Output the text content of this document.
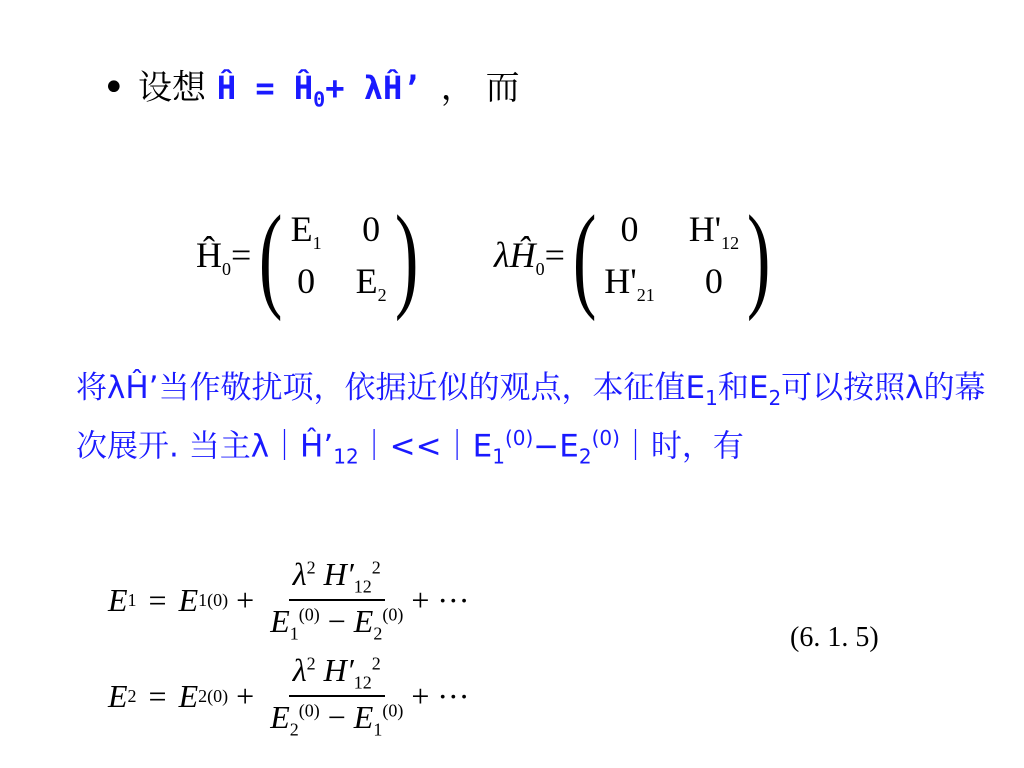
• 设想 Ĥ = $Ĥ_0+$ λĤ’ ， 而
$Ĥ_0=$ ( $E_1$ 0
0 $E_2$ ) $\lambda Ĥ_0=$ ( 0	$H'_{12}$
$H'_{21}$	0 )
将λĤ’当作敬扰项，依据近似的观点，本征值$E_1$和$E_2$可以按照λ的幕次展开. 当主$\lambda|Ĥ’_{12}|<<|E_1^{(0)}-E_2^{(0)}|$时，有
E 1 = E 1 $(0) + \frac{\lambda^2 H'_{12}^2}{E_1^{(0)} - E_2^{(0)}}$ + ···
E 2 = E 2 $(0) + \frac{\lambda^2 H'_{12}^2}{E_2^{(0)} - E_1^{(0)}}$ + ···
(6. 1. 5)
